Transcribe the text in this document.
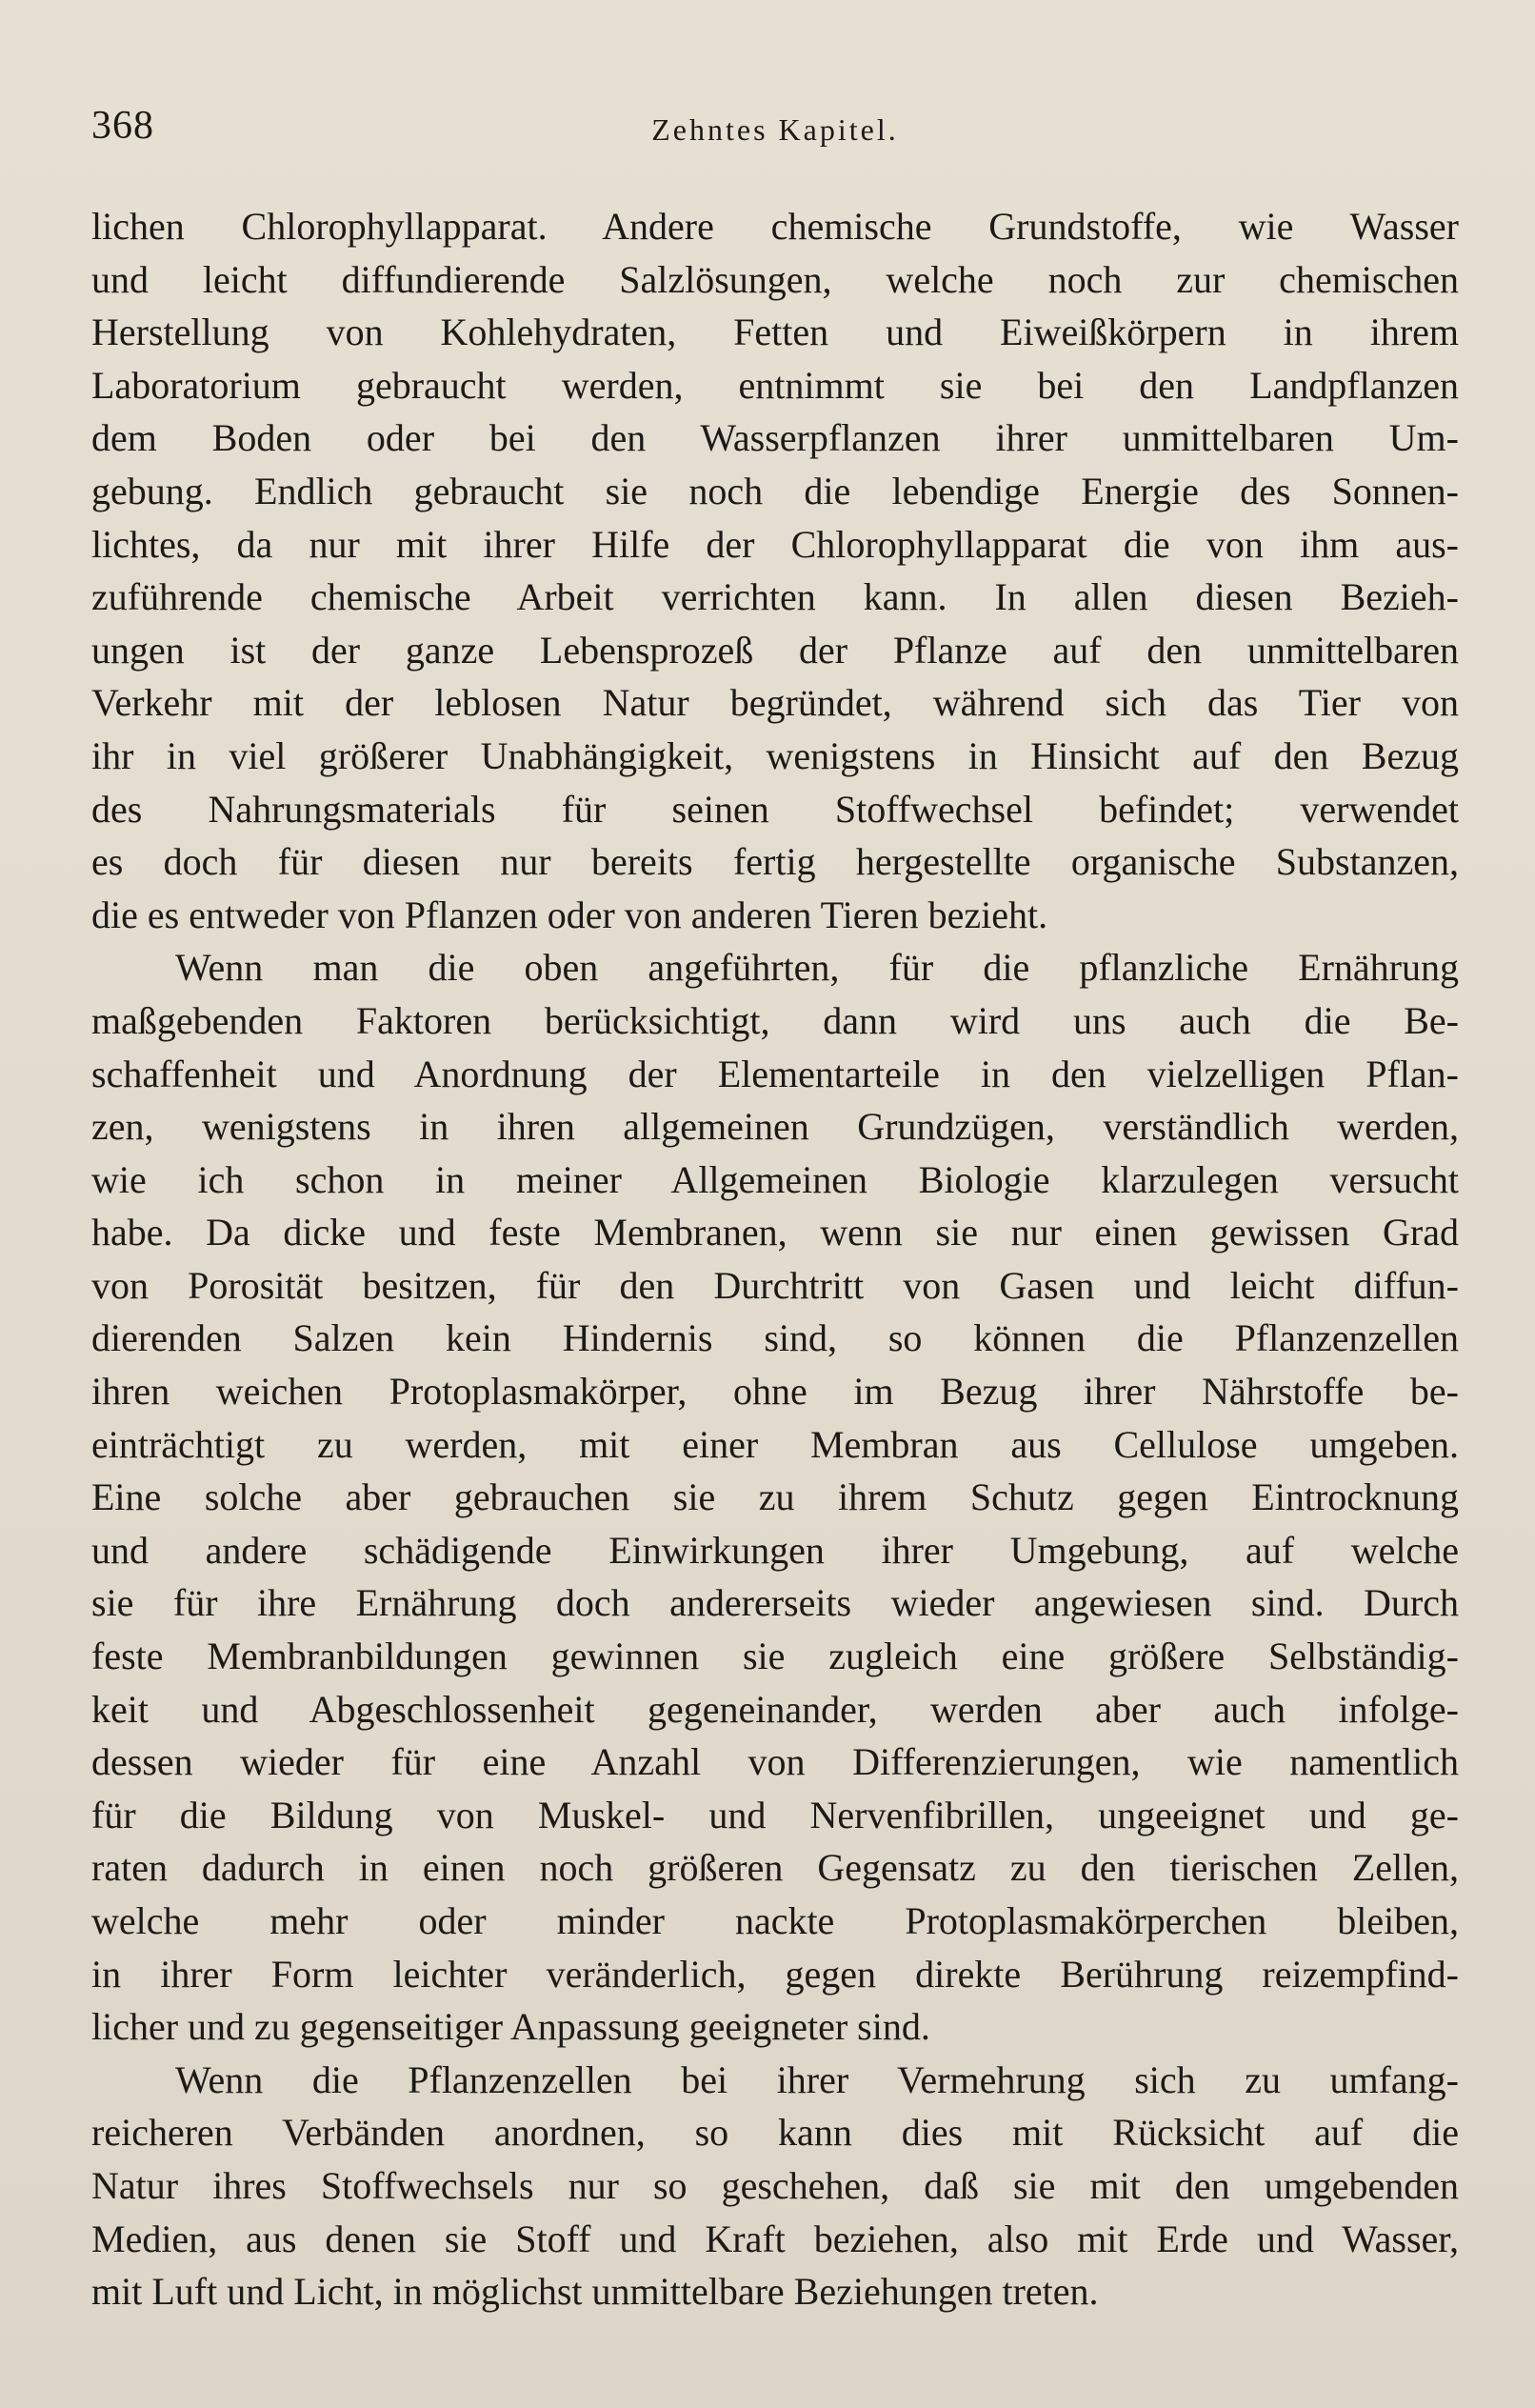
368	Zehntes Kapitel.
lichen Chlorophyllapparat. Andere chemische Grundstoffe, wie Wasser
und leicht diffundierende Salzlösungen, welche noch zur chemischen
Herstellung von Kohlehydraten, Fetten und Eiweißkörpern in ihrem
Laboratorium gebraucht werden, entnimmt sie bei den Landpflanzen
dem Boden oder bei den Wasserpflanzen ihrer unmittelbaren Um-
gebung. Endlich gebraucht sie noch die lebendige Energie des Sonnen-
lichtes, da nur mit ihrer Hilfe der Chlorophyllapparat die von ihm aus-
zuführende chemische Arbeit verrichten kann. In allen diesen Bezieh-
ungen ist der ganze Lebensprozeß der Pflanze auf den unmittelbaren
Verkehr mit der leblosen Natur begründet, während sich das Tier von
ihr in viel größerer Unabhängigkeit, wenigstens in Hinsicht auf den Bezug
des Nahrungsmaterials für seinen Stoffwechsel befindet; verwendet
es doch für diesen nur bereits fertig hergestellte organische Substanzen,
die es entweder von Pflanzen oder von anderen Tieren bezieht.
Wenn man die oben angeführten, für die pflanzliche Ernährung
maßgebenden Faktoren berücksichtigt, dann wird uns auch die Be-
schaffenheit und Anordnung der Elementarteile in den vielzelligen Pflan-
zen, wenigstens in ihren allgemeinen Grundzügen, verständlich werden,
wie ich schon in meiner Allgemeinen Biologie klarzulegen versucht
habe. Da dicke und feste Membranen, wenn sie nur einen gewissen Grad
von Porosität besitzen, für den Durchtritt von Gasen und leicht diffun-
dierenden Salzen kein Hindernis sind, so können die Pflanzenzellen
ihren weichen Protoplasmakörper, ohne im Bezug ihrer Nährstoffe be-
einträchtigt zu werden, mit einer Membran aus Cellulose umgeben.
Eine solche aber gebrauchen sie zu ihrem Schutz gegen Eintrocknung
und andere schädigende Einwirkungen ihrer Umgebung, auf welche
sie für ihre Ernährung doch andererseits wieder angewiesen sind. Durch
feste Membranbildungen gewinnen sie zugleich eine größere Selbständig-
keit und Abgeschlossenheit gegeneinander, werden aber auch infolge-
dessen wieder für eine Anzahl von Differenzierungen, wie namentlich
für die Bildung von Muskel- und Nervenfibrillen, ungeeignet und ge-
raten dadurch in einen noch größeren Gegensatz zu den tierischen Zellen,
welche mehr oder minder nackte Protoplasmakörperchen bleiben,
in ihrer Form leichter veränderlich, gegen direkte Berührung reizempfind-
licher und zu gegenseitiger Anpassung geeigneter sind.
Wenn die Pflanzenzellen bei ihrer Vermehrung sich zu umfang-
reicheren Verbänden anordnen, so kann dies mit Rücksicht auf die
Natur ihres Stoffwechsels nur so geschehen, daß sie mit den umgebenden
Medien, aus denen sie Stoff und Kraft beziehen, also mit Erde und Wasser,
mit Luft und Licht, in möglichst unmittelbare Beziehungen treten.
